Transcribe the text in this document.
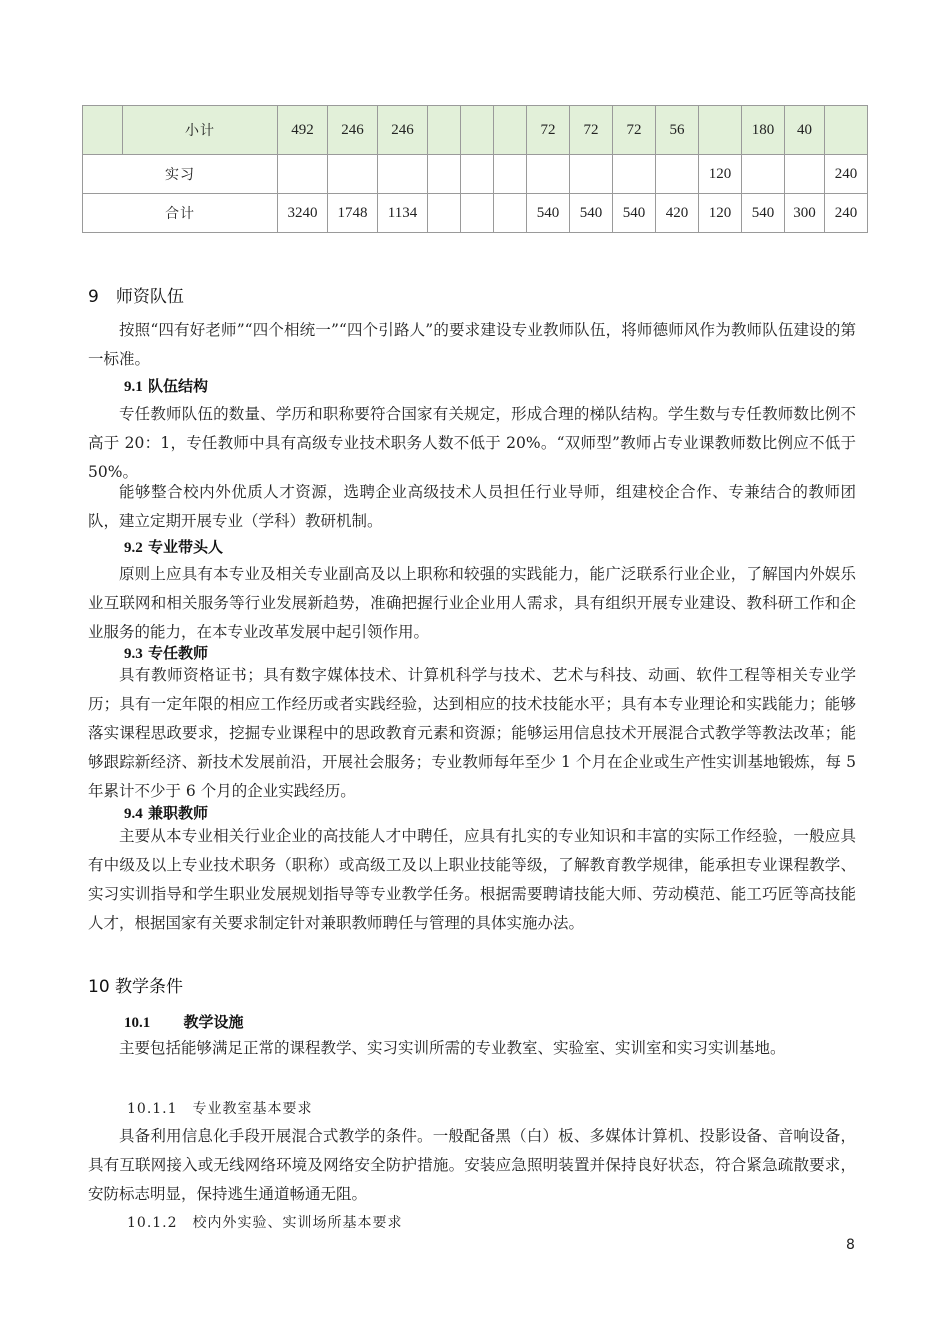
	小计	492	246	246				72	72	72	56		180	40	
实习												120			240
合计		3240	1748	1134				540	540	540	420	120	540	300	240
9　师资队伍

按照“四有好老师”“四个相统一”“四个引路人”的要求建设专业教师队伍，将师德师风作为教师队伍建设的第一标准。

9.1 队伍结构

专任教师队伍的数量、学历和职称要符合国家有关规定，形成合理的梯队结构。学生数与专任教师数比例不高于 20：1，专任教师中具有高级专业技术职务人数不低于 20%。“双师型”教师占专业课教师数比例应不低于 50%。

能够整合校内外优质人才资源，选聘企业高级技术人员担任行业导师，组建校企合作、专兼结合的教师团队，建立定期开展专业（学科）教研机制。

9.2 专业带头人

原则上应具有本专业及相关专业副高及以上职称和较强的实践能力，能广泛联系行业企业，了解国内外娱乐业互联网和相关服务等行业发展新趋势，准确把握行业企业用人需求，具有组织开展专业建设、教科研工作和企业服务的能力，在本专业改革发展中起引领作用。

9.3 专任教师

具有教师资格证书；具有数字媒体技术、计算机科学与技术、艺术与科技、动画、软件工程等相关专业学历；具有一定年限的相应工作经历或者实践经验，达到相应的技术技能水平；具有本专业理论和实践能力；能够落实课程思政要求，挖掘专业课程中的思政教育元素和资源；能够运用信息技术开展混合式教学等教法改革；能够跟踪新经济、新技术发展前沿，开展社会服务；专业教师每年至少 1 个月在企业或生产性实训基地锻炼，每 5 年累计不少于 6 个月的企业实践经历。

9.4 兼职教师

主要从本专业相关行业企业的高技能人才中聘任，应具有扎实的专业知识和丰富的实际工作经验，一般应具有中级及以上专业技术职务（职称）或高级工及以上职业技能等级，了解教育教学规律，能承担专业课程教学、实习实训指导和学生职业发展规划指导等专业教学任务。根据需要聘请技能大师、劳动模范、能工巧匠等高技能人才，根据国家有关要求制定针对兼职教师聘任与管理的具体实施办法。

10 教学条件
10.1 教学设施

主要包括能够满足正常的课程教学、实习实训所需的专业教室、实验室、实训室和实习实训基地。

10.1.1　专业教室基本要求

具备利用信息化手段开展混合式教学的条件。一般配备黑（白）板、多媒体计算机、投影设备、音响设备，具有互联网接入或无线网络环境及网络安全防护措施。安装应急照明装置并保持良好状态，符合紧急疏散要求，安防标志明显，保持逃生通道畅通无阻。

10.1.2　校内外实验、实训场所基本要求
8
